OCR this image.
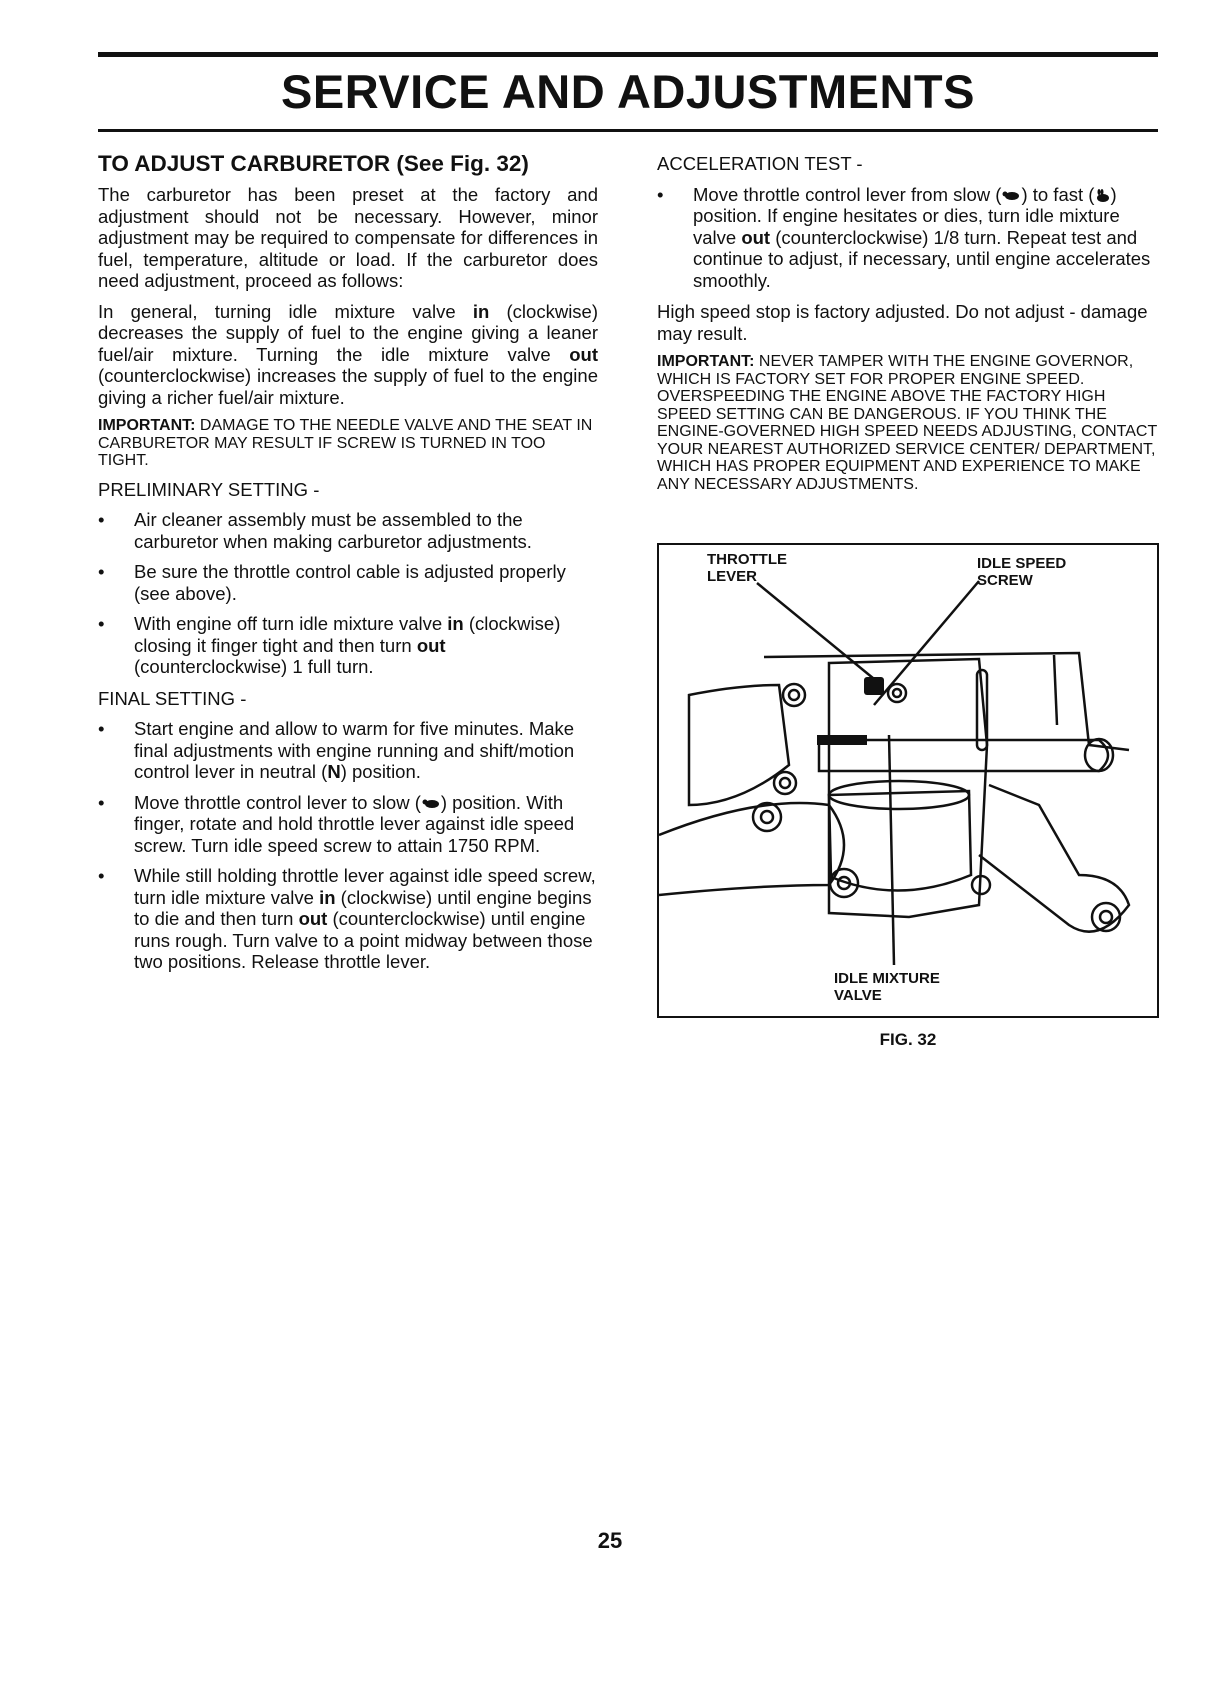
SERVICE AND ADJUSTMENTS
TO ADJUST CARBURETOR (See Fig. 32)

The carburetor has been preset at the factory and adjustment should not be necessary. However, minor adjustment may be required to compensate for differences in fuel, temperature, altitude or load. If the carburetor does need adjustment, proceed as follows:

In general, turning idle mixture valve in (clockwise) decreases the supply of fuel to the engine giving a leaner fuel/air mixture. Turning the idle mixture valve out (counterclockwise) increases the supply of fuel to the engine giving a richer fuel/air mixture.

IMPORTANT: DAMAGE TO THE NEEDLE VALVE AND THE SEAT IN CARBURETOR MAY RESULT IF SCREW IS TURNED IN TOO TIGHT.

PRELIMINARY SETTING -
• Air cleaner assembly must be assembled to the carburetor when making carburetor adjustments.
• Be sure the throttle control cable is adjusted properly (see above).
• With engine off turn idle mixture valve in (clockwise) closing it finger tight and then turn out (counterclockwise) 1 full turn.
FINAL SETTING -
• Start engine and allow to warm for five minutes. Make final adjustments with engine running and shift/motion control lever in neutral (N) position.
• Move throttle control lever to slow ( ) position. With finger, rotate and hold throttle lever against idle speed screw. Turn idle speed screw to attain 1750 RPM.
• While still holding throttle lever against idle speed screw, turn idle mixture valve in (clockwise) until engine begins to die and then turn out (counterclockwise) until engine runs rough. Turn valve to a point midway between those two positions. Release throttle lever.
ACCELERATION TEST -
• Move throttle control lever from slow ( ) to fast ( ) position. If engine hesitates or dies, turn idle mixture valve out (counterclockwise) 1/8 turn. Repeat test and continue to adjust, if necessary, until engine accelerates smoothly.

High speed stop is factory adjusted. Do not adjust - damage may result.

IMPORTANT: NEVER TAMPER WITH THE ENGINE GOVERNOR, WHICH IS FACTORY SET FOR PROPER ENGINE SPEED. OVERSPEEDING THE ENGINE ABOVE THE FACTORY HIGH SPEED SETTING CAN BE DANGEROUS. IF YOU THINK THE ENGINE-GOVERNED HIGH SPEED NEEDS ADJUSTING, CONTACT YOUR NEAREST AUTHORIZED SERVICE CENTER/ DEPARTMENT, WHICH HAS PROPER EQUIPMENT AND EXPERIENCE TO MAKE ANY NECESSARY ADJUSTMENTS.

THROTTLE
LEVER
IDLE SPEED
SCREW
IDLE MIXTURE
VALVE
FIG. 32
25
